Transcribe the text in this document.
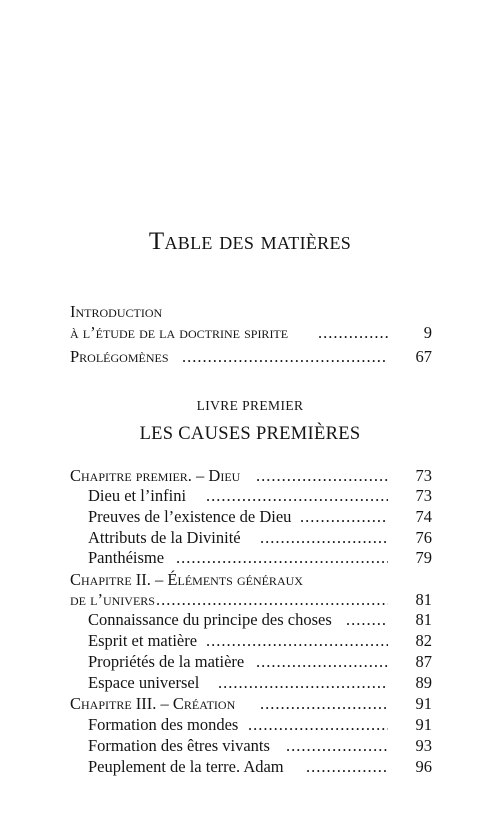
Table des matières
Introduction
à l’étude de la doctrine spirite .....	9
Prolégomènes .....	67
LIVRE PREMIER
LES CAUSES PREMIÈRES
Chapitre premier. – Dieu .....	73
Dieu et l’infini .....	73
Preuves de l’existence de Dieu .....	74
Attributs de la Divinité .....	76
Panthéisme .....	79
Chapitre II. – Éléments généraux
de l’univers .....	81
Connaissance du principe des choses .....	81
Esprit et matière .....	82
Propriétés de la matière .....	87
Espace universel .....	89
Chapitre III. – Création .....	91
Formation des mondes .....	91
Formation des êtres vivants .....	93
Peuplement de la terre. Adam .....	96
